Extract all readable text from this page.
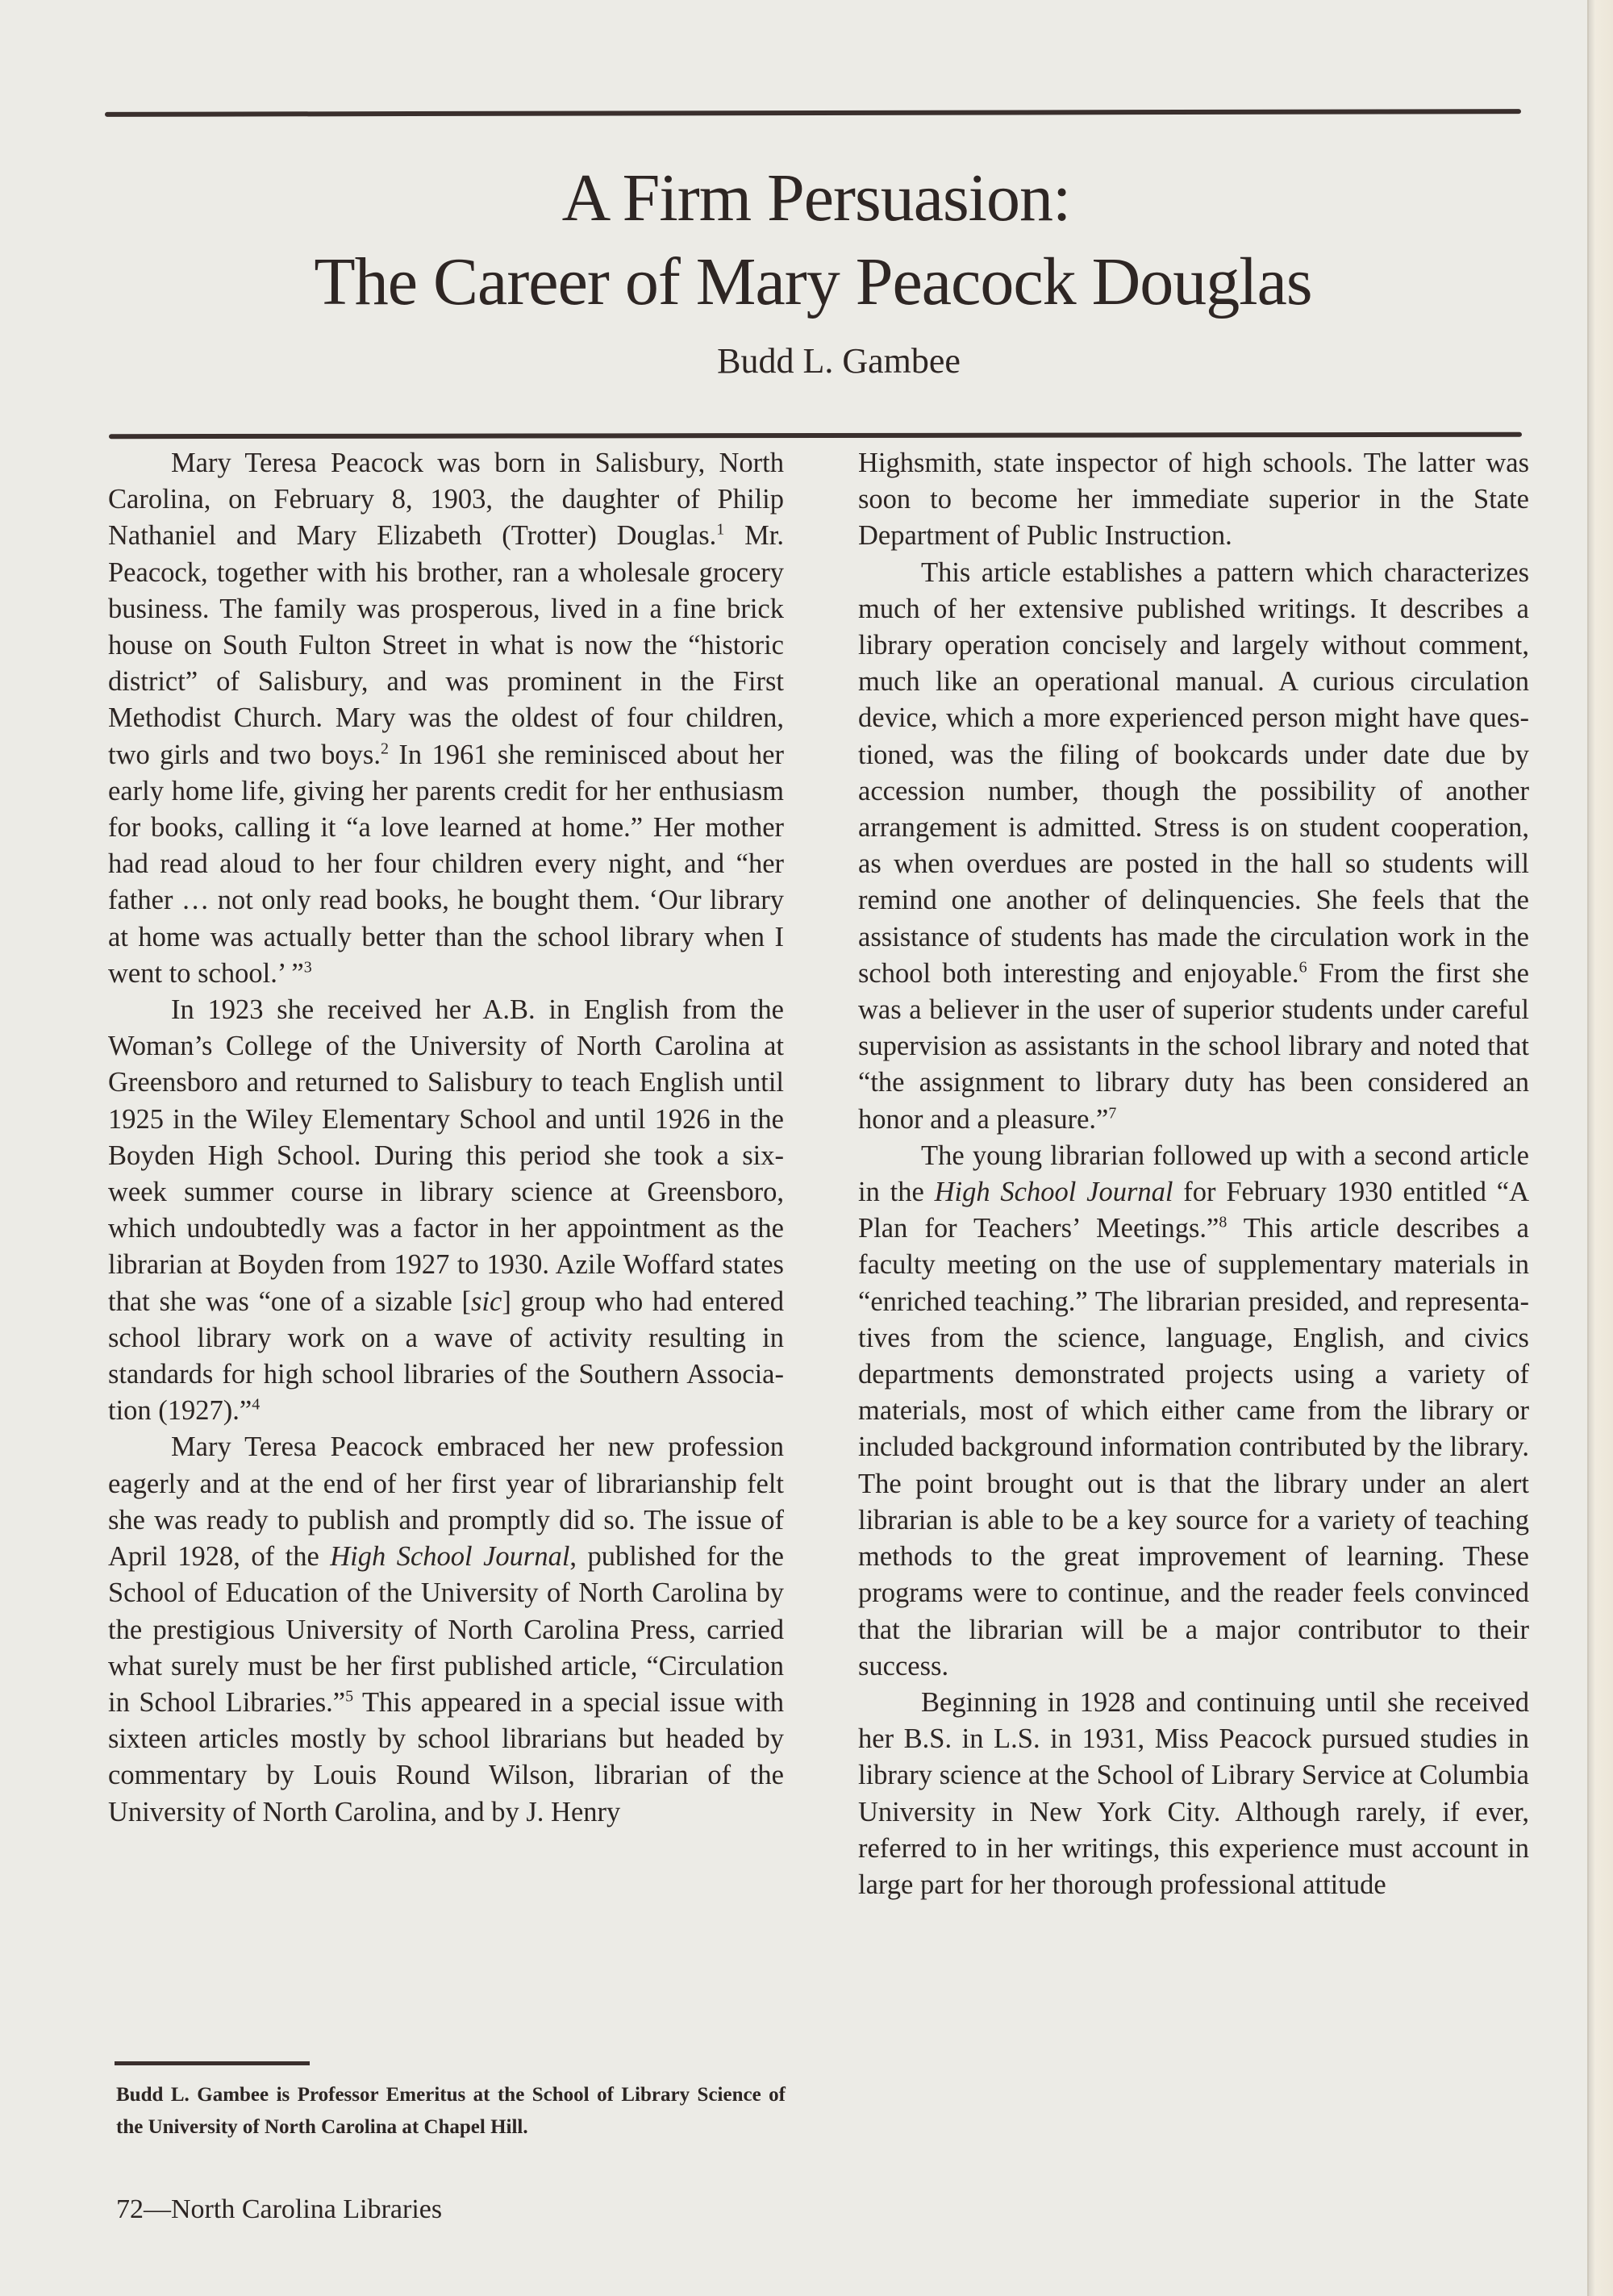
A Firm Persuasion:
The Career of Mary Peacock Douglas
Budd L. Gambee

Mary Teresa Peacock was born in Salisbury, North Carolina, on February 8, 1903, the daughter of Philip Nathaniel and Mary Elizabeth (Trotter) Douglas.$^1$ Mr. Peacock, together with his brother, ran a wholesale grocery business. The family was prosperous, lived in a fine brick house on South Fulton Street in what is now the “historic district” of Salisbury, and was prominent in the First Methodist Church. Mary was the oldest of four children, two girls and two boys.$^2$ In 1961 she reminisced about her early home life, giving her parents credit for her enthusiasm for books, calling it “a love learned at home.” Her mother had read aloud to her four children every night, and “her father … not only read books, he bought them. ‘Our library at home was actually better than the school library when I went to school.’ ”$^3$

In 1923 she received her A.B. in English from the Woman’s College of the University of North Carolina at Greensboro and returned to Salisbury to teach English until 1925 in the Wiley Elementary School and until 1926 in the Boyden High School. During this period she took a six-week summer course in library science at Greensboro, which undoubtedly was a factor in her appointment as the librarian at Boyden from 1927 to 1930. Azile Woffard states that she was “one of a sizable [sic] group who had entered school library work on a wave of activity resulting in standards for high school libraries of the Southern Association (1927).”$^4$

Mary Teresa Peacock embraced her new profession eagerly and at the end of her first year of librarianship felt she was ready to publish and promptly did so. The issue of April 1928, of the High School Journal, published for the School of Education of the University of North Carolina by the prestigious University of North Carolina Press, carried what surely must be her first published article, “Circulation in School Libraries.”$^5$ This appeared in a special issue with sixteen articles mostly by school librarians but headed by commentary by Louis Round Wilson, librarian of the University of North Carolina, and by J. Henry

Highsmith, state inspector of high schools. The latter was soon to become her immediate superior in the State Department of Public Instruction.

This article establishes a pattern which characterizes much of her extensive published writings. It describes a library operation concisely and largely without comment, much like an operational manual. A curious circulation device, which a more experienced person might have questioned, was the filing of bookcards under date due by accession number, though the possibility of another arrangement is admitted. Stress is on student cooperation, as when overdues are posted in the hall so students will remind one another of delinquencies. She feels that the assistance of students has made the circulation work in the school both interesting and enjoyable.$^6$ From the first she was a believer in the user of superior students under careful supervision as assistants in the school library and noted that “the assignment to library duty has been considered an honor and a pleasure.”$^7$

The young librarian followed up with a second article in the High School Journal for February 1930 entitled “A Plan for Teachers’ Meetings.”$^8$ This article describes a faculty meeting on the use of supplementary materials in “enriched teaching.” The librarian presided, and representatives from the science, language, English, and civics departments demonstrated projects using a variety of materials, most of which either came from the library or included background information contributed by the library. The point brought out is that the library under an alert librarian is able to be a key source for a variety of teaching methods to the great improvement of learning. These programs were to continue, and the reader feels convinced that the librarian will be a major contributor to their success.

Beginning in 1928 and continuing until she received her B.S. in L.S. in 1931, Miss Peacock pursued studies in library science at the School of Library Service at Columbia University in New York City. Although rarely, if ever, referred to in her writings, this experience must account in large part for her thorough professional attitude

Budd L. Gambee is Professor Emeritus at the School of Library Science of the University of North Carolina at Chapel Hill.
72—North Carolina Libraries
